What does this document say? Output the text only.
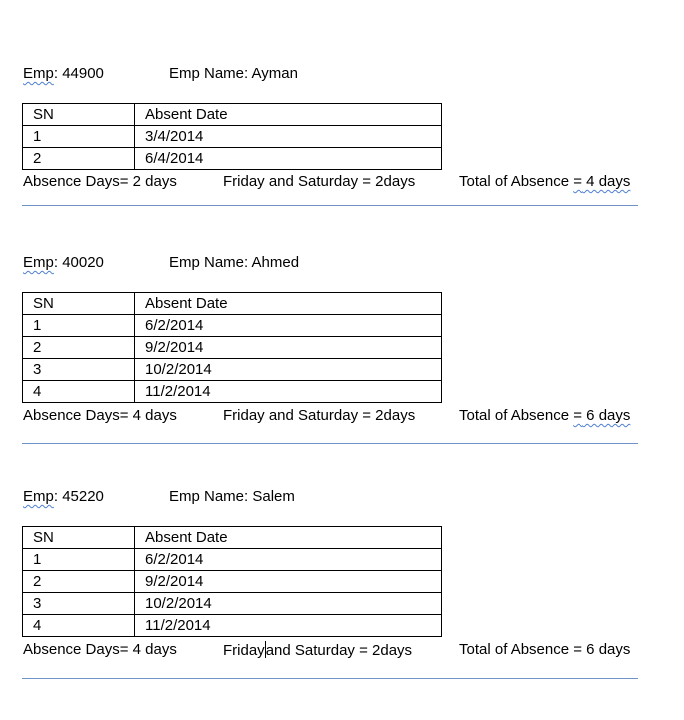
Emp: 44900	Emp Name: Ayman
SN	Absent Date
1	3/4/2014
2	6/4/2014
Absence Days= 2 days	Friday and Saturday = 2days	Total of Absence = 4 days
Emp: 40020	Emp Name: Ahmed
SN	Absent Date
1	6/2/2014
2	9/2/2014
3	10/2/2014
4	11/2/2014
Absence Days= 4 days	Friday and Saturday = 2days	Total of Absence = 6 days
Emp: 45220	Emp Name: Salem
SN	Absent Date
1	6/2/2014
2	9/2/2014
3	10/2/2014
4	11/2/2014
Absence Days= 4 days	Fridayand Saturday = 2days	Total of Absence = 6 days
